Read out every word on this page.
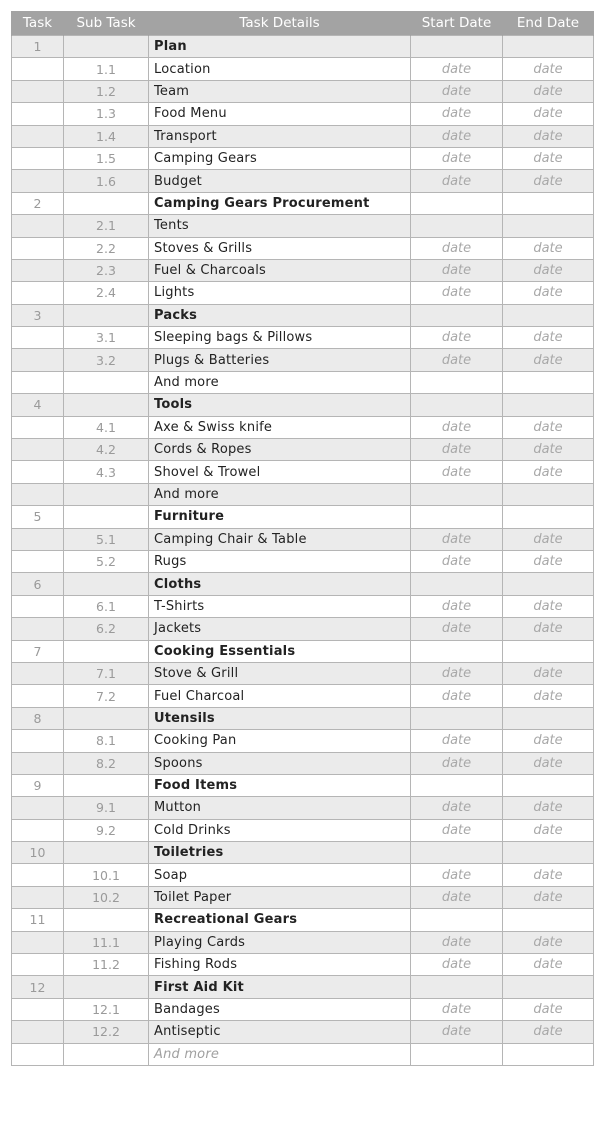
Task	Sub Task	Task Details	Start Date	End Date
1		Plan		
	1.1	Location	date	date
	1.2	Team	date	date
	1.3	Food Menu	date	date
	1.4	Transport	date	date
	1.5	Camping Gears	date	date
	1.6	Budget	date	date
2		Camping Gears Procurement		
	2.1	Tents		
	2.2	Stoves & Grills	date	date
	2.3	Fuel & Charcoals	date	date
	2.4	Lights	date	date
3		Packs		
	3.1	Sleeping bags & Pillows	date	date
	3.2	Plugs & Batteries	date	date
		And more		
4		Tools		
	4.1	Axe & Swiss knife	date	date
	4.2	Cords & Ropes	date	date
	4.3	Shovel & Trowel	date	date
		And more		
5		Furniture		
	5.1	Camping Chair & Table	date	date
	5.2	Rugs	date	date
6		Cloths		
	6.1	T-Shirts	date	date
	6.2	Jackets	date	date
7		Cooking Essentials		
	7.1	Stove & Grill	date	date
	7.2	Fuel Charcoal	date	date
8		Utensils		
	8.1	Cooking Pan	date	date
	8.2	Spoons	date	date
9		Food Items		
	9.1	Mutton	date	date
	9.2	Cold Drinks	date	date
10		Toiletries		
	10.1	Soap	date	date
	10.2	Toilet Paper	date	date
11		Recreational Gears		
	11.1	Playing Cards	date	date
	11.2	Fishing Rods	date	date
12		First Aid Kit		
	12.1	Bandages	date	date
	12.2	Antiseptic	date	date
		And more		
